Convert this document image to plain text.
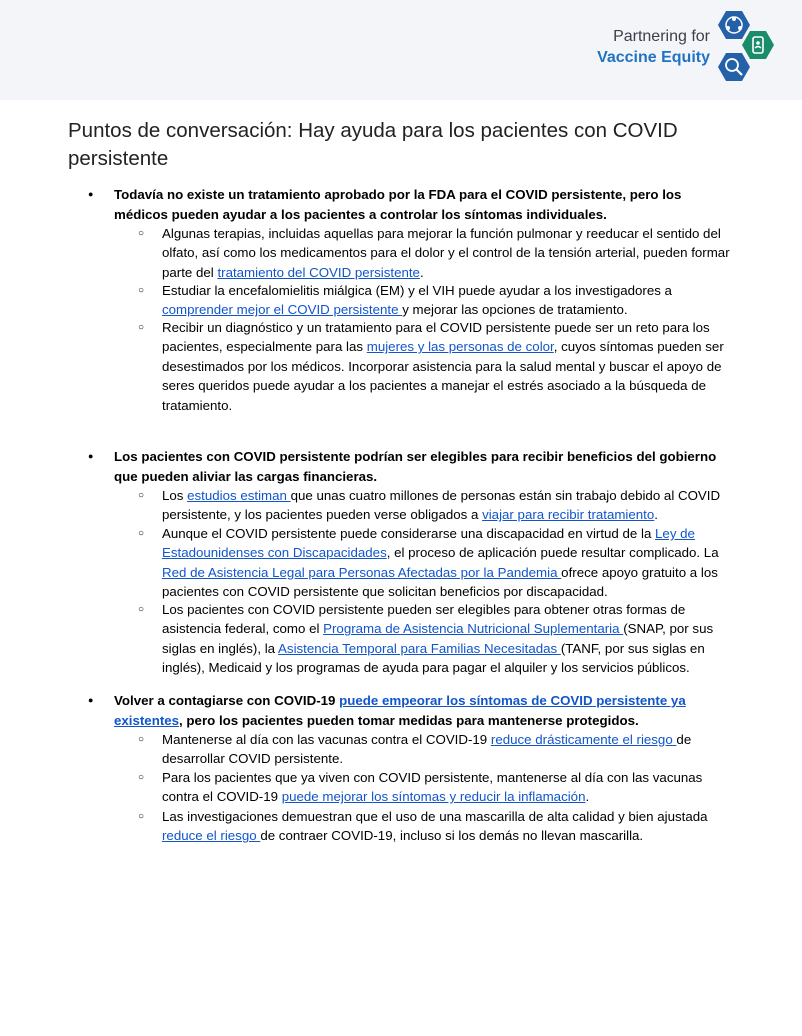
Partnering for
Vaccine Equity
Puntos de conversación: Hay ayuda para los pacientes con COVID persistente
● Todavía no existe un tratamiento aprobado por la FDA para el COVID persistente, pero los médicos pueden ayudar a los pacientes a controlar los síntomas individuales.
○ Algunas terapias, incluidas aquellas para mejorar la función pulmonar y reeducar el sentido del olfato, así como los medicamentos para el dolor y el control de la tensión arterial, pueden formar parte del tratamiento del COVID persistente.
○ Estudiar la encefalomielitis miálgica (EM) y el VIH puede ayudar a los investigadores a comprender mejor el COVID persistente y mejorar las opciones de tratamiento.
○ Recibir un diagnóstico y un tratamiento para el COVID persistente puede ser un reto para los pacientes, especialmente para las mujeres y las personas de color, cuyos síntomas pueden ser desestimados por los médicos. Incorporar asistencia para la salud mental y buscar el apoyo de seres queridos puede ayudar a los pacientes a manejar el estrés asociado a la búsqueda de tratamiento.
● Los pacientes con COVID persistente podrían ser elegibles para recibir beneficios del gobierno que pueden aliviar las cargas financieras.
○ Los estudios estiman que unas cuatro millones de personas están sin trabajo debido al COVID persistente, y los pacientes pueden verse obligados a viajar para recibir tratamiento.
○ Aunque el COVID persistente puede considerarse una discapacidad en virtud de la Ley de Estadounidenses con Discapacidades, el proceso de aplicación puede resultar complicado. La Red de Asistencia Legal para Personas Afectadas por la Pandemia ofrece apoyo gratuito a los pacientes con COVID persistente que solicitan beneficios por discapacidad.
○ Los pacientes con COVID persistente pueden ser elegibles para obtener otras formas de asistencia federal, como el Programa de Asistencia Nutricional Suplementaria (SNAP, por sus siglas en inglés), la Asistencia Temporal para Familias Necesitadas (TANF, por sus siglas en inglés), Medicaid y los programas de ayuda para pagar el alquiler y los servicios públicos.
● Volver a contagiarse con COVID-19 puede empeorar los síntomas de COVID persistente ya existentes, pero los pacientes pueden tomar medidas para mantenerse protegidos.
○ Mantenerse al día con las vacunas contra el COVID-19 reduce drásticamente el riesgo de desarrollar COVID persistente.
○ Para los pacientes que ya viven con COVID persistente, mantenerse al día con las vacunas contra el COVID-19 puede mejorar los síntomas y reducir la inflamación.
○ Las investigaciones demuestran que el uso de una mascarilla de alta calidad y bien ajustada reduce el riesgo de contraer COVID-19, incluso si los demás no llevan mascarilla.
